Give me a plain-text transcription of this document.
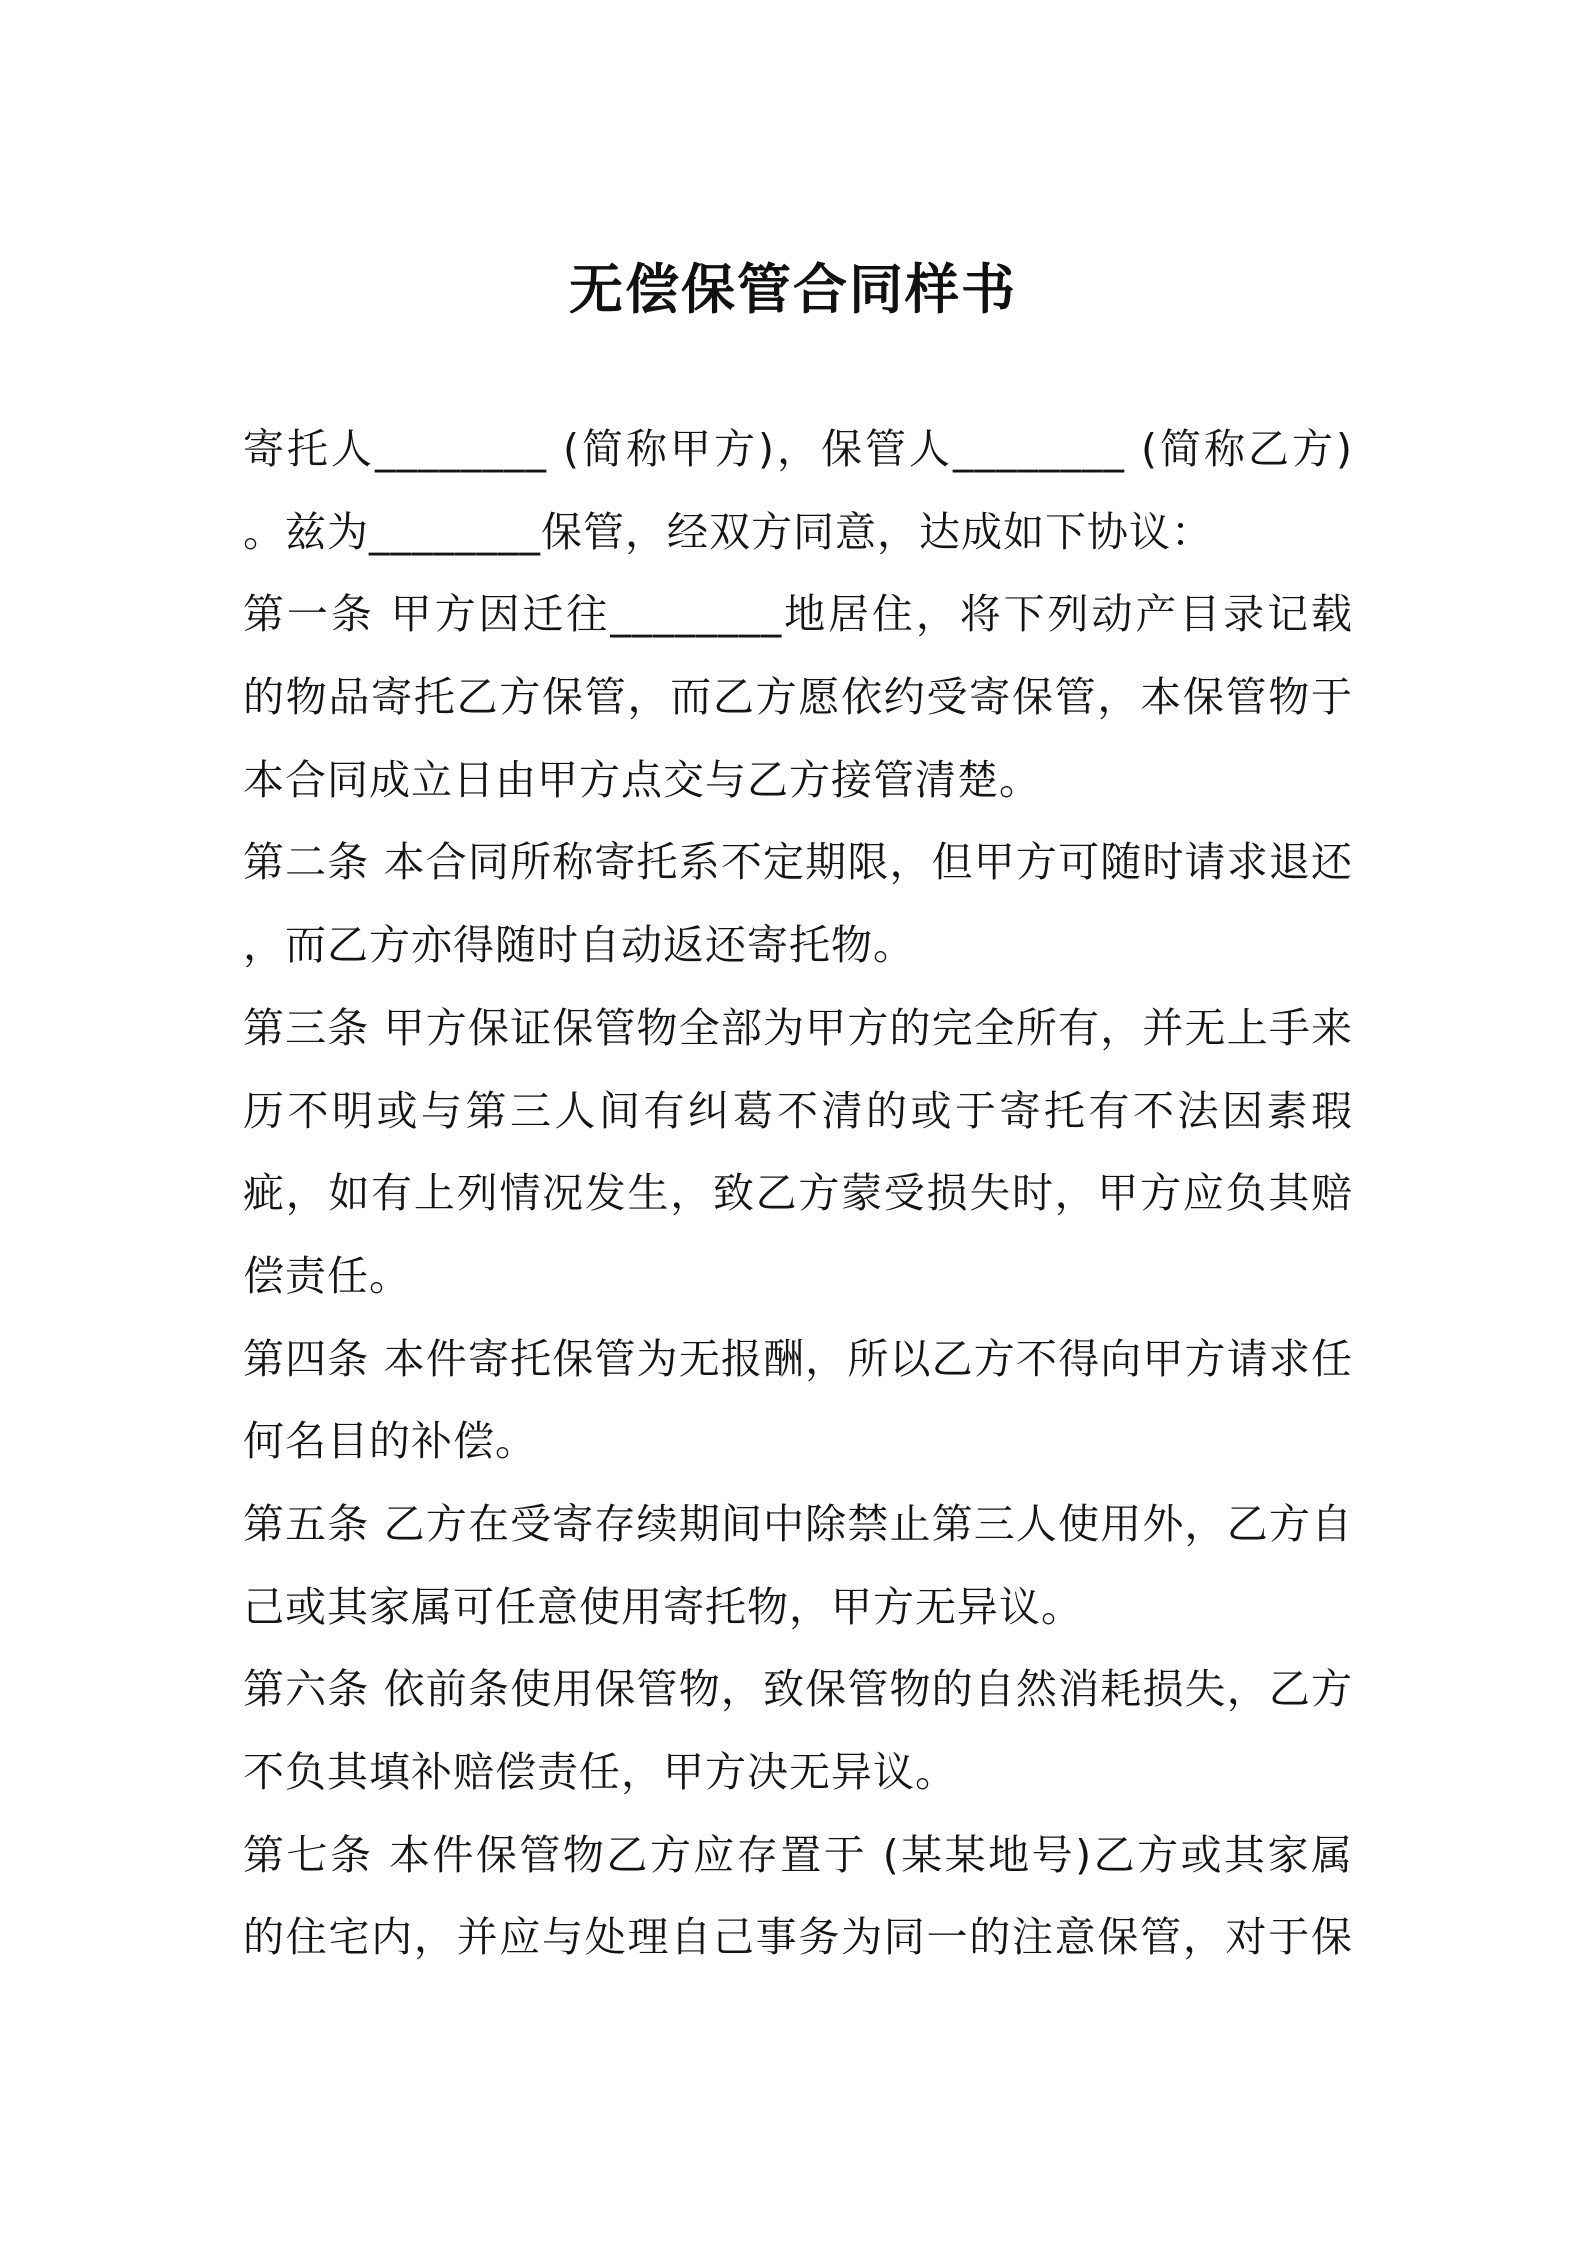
无偿保管合同样书
寄托人________ (简称甲方)，保管人________ (简称乙方)
。兹为________保管，经双方同意，达成如下协议：
第一条 甲方因迁往________地居住，将下列动产目录记载
的物品寄托乙方保管，而乙方愿依约受寄保管，本保管物于
本合同成立日由甲方点交与乙方接管清楚。
第二条 本合同所称寄托系不定期限，但甲方可随时请求退还
，而乙方亦得随时自动返还寄托物。
第三条 甲方保证保管物全部为甲方的完全所有，并无上手来
历不明或与第三人间有纠葛不清的或于寄托有不法因素瑕
疵，如有上列情况发生，致乙方蒙受损失时，甲方应负其赔
偿责任。
第四条 本件寄托保管为无报酬，所以乙方不得向甲方请求任
何名目的补偿。
第五条 乙方在受寄存续期间中除禁止第三人使用外，乙方自
己或其家属可任意使用寄托物，甲方无异议。
第六条 依前条使用保管物，致保管物的自然消耗损失，乙方
不负其填补赔偿责任，甲方决无异议。
第七条 本件保管物乙方应存置于 (某某地号)乙方或其家属
的住宅内，并应与处理自己事务为同一的注意保管，对于保
